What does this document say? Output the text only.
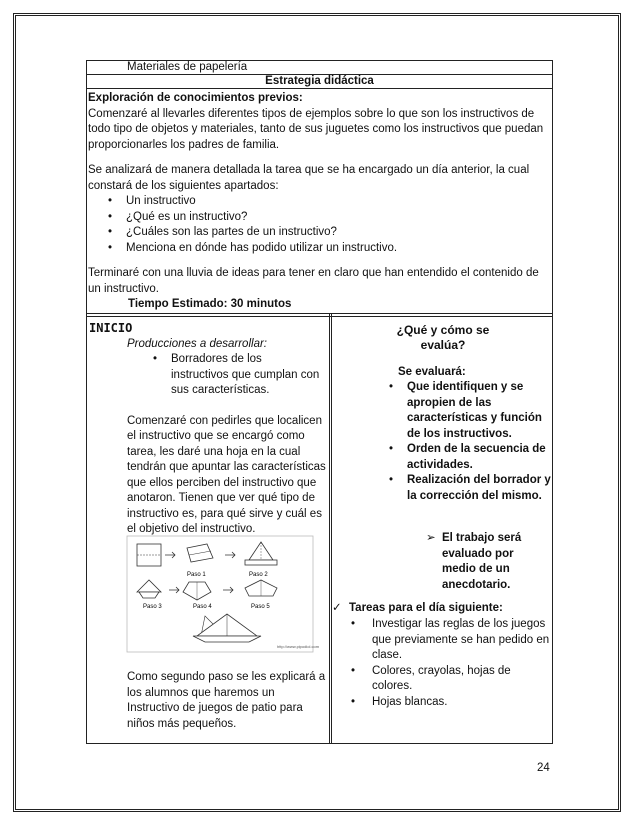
Materiales de papelería
Estrategia didáctica

Exploración de conocimientos previos:

Comenzaré al llevarles diferentes tipos de ejemplos sobre lo que son los instructivos de todo tipo de objetos y materiales, tanto de sus juguetes como los instructivos que puedan proporcionarles los padres de familia.

Se analizará de manera detallada la tarea que se ha encargado un día anterior, la cual constará de los siguientes apartados:

• Un instructivo
• ¿Qué es un instructivo?
• ¿Cuáles son las partes de un instructivo?
• Menciona en dónde has podido utilizar un instructivo.

Terminaré con una lluvia de ideas para tener en claro que han entendido el contenido de un instructivo.

Tiempo Estimado: 30 minutos

INICIO
Producciones a desarrollar:
• Borradores de los instructivos que cumplan con sus características.

Comenzaré con pedirles que localicen el instructivo que se encargó como tarea, les daré una hoja en la cual tendrán que apuntar las características que ellos perciben del instructivo que anotaron. Tienen que ver qué tipo de instructivo es, para qué sirve y cuál es el objetivo del instructivo.

Paso 1	Paso 2
Paso 3	Paso 4	Paso 5
http://www.pipodiol.com

Como segundo paso se les explicará a los alumnos que haremos un Instructivo de juegos de patio para niños más pequeños.

¿Qué y cómo se
evalúa?
Se evaluará:
• Que identifiquen y se apropien de las características y función de los instructivos.
• Orden de la secuencia de actividades.
• Realización del borrador y la corrección del mismo.
➢ El trabajo será evaluado por medio de un anecdotario.
✓ Tareas para el día siguiente:
• Investigar las reglas de los juegos que previamente se han pedido en clase.
• Colores, crayolas, hojas de colores.
• Hojas blancas.
24
